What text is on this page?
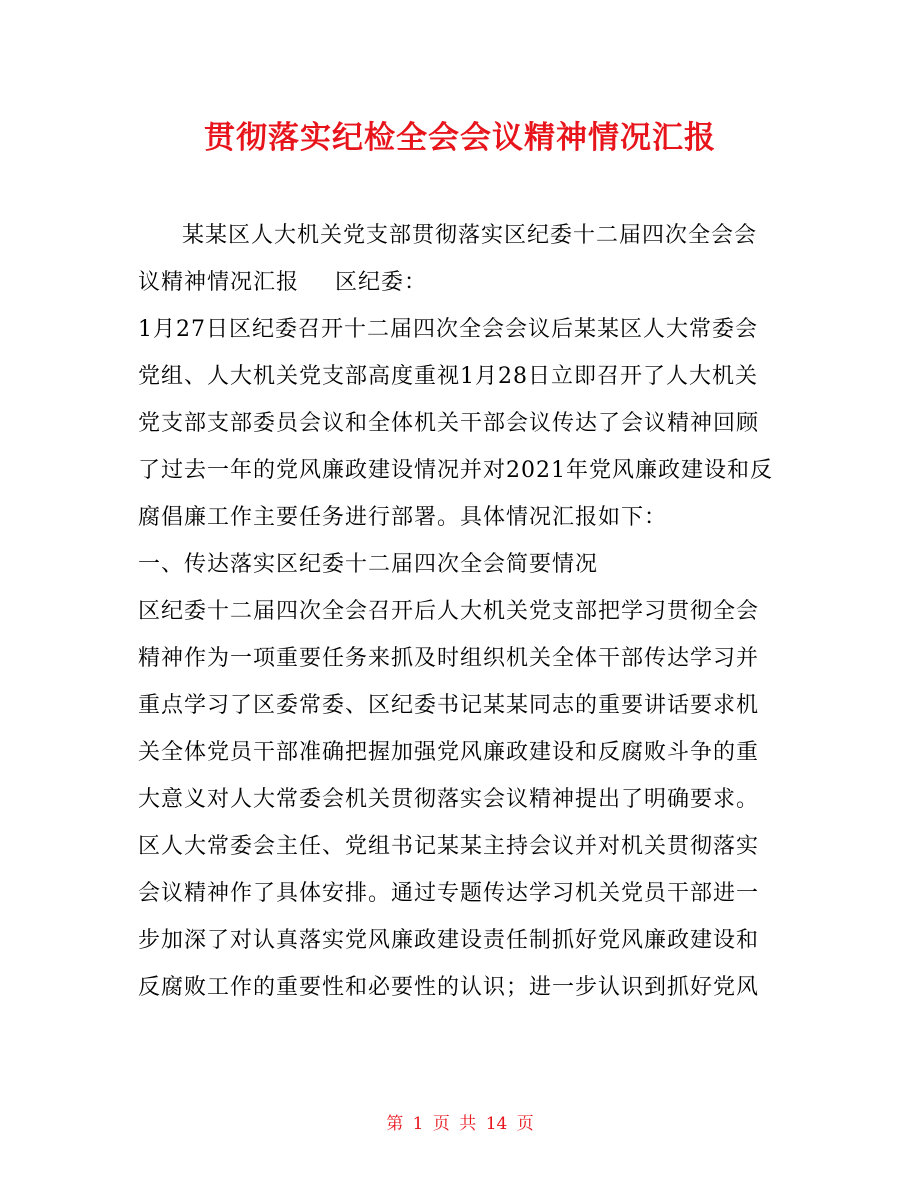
贯彻落实纪检全会会议精神情况汇报
某某区人大机关党支部贯彻落实区纪委十二届四次全会会
议精神情况汇报 区纪委：
1月27日区纪委召开十二届四次全会会议后某某区人大常委会
党组、人大机关党支部高度重视1月28日立即召开了人大机关
党支部支部委员会议和全体机关干部会议传达了会议精神回顾
了过去一年的党风廉政建设情况并对2021年党风廉政建设和反
腐倡廉工作主要任务进行部署。具体情况汇报如下：
一、传达落实区纪委十二届四次全会简要情况
区纪委十二届四次全会召开后人大机关党支部把学习贯彻全会
精神作为一项重要任务来抓及时组织机关全体干部传达学习并
重点学习了区委常委、区纪委书记某某同志的重要讲话要求机
关全体党员干部准确把握加强党风廉政建设和反腐败斗争的重
大意义对人大常委会机关贯彻落实会议精神提出了明确要求。
区人大常委会主任、党组书记某某主持会议并对机关贯彻落实
会议精神作了具体安排。通过专题传达学习机关党员干部进一
步加深了对认真落实党风廉政建设责任制抓好党风廉政建设和
反腐败工作的重要性和必要性的认识；进一步认识到抓好党风
第 1 页 共 14 页
